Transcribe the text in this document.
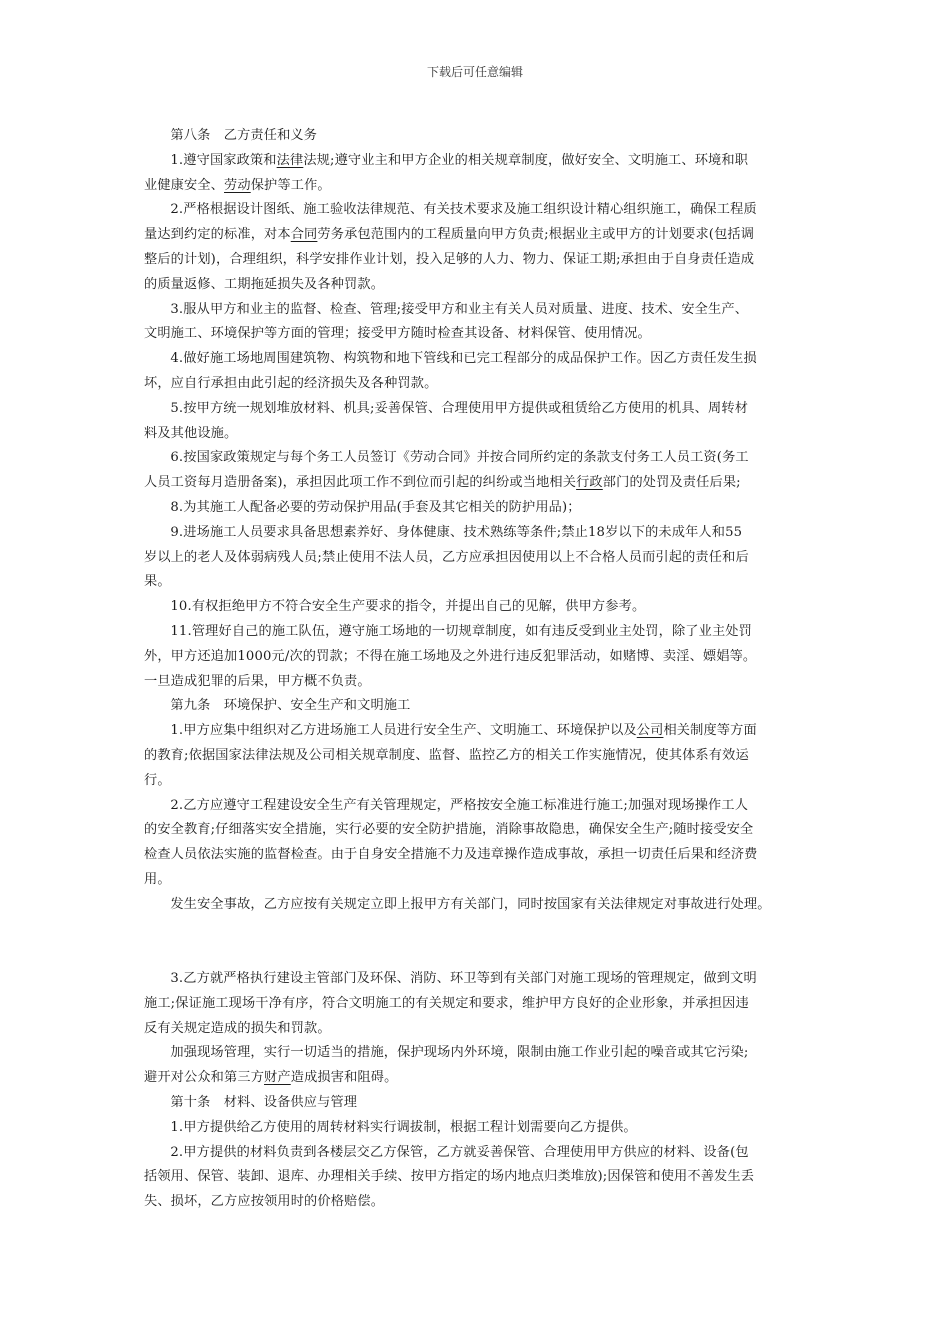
下载后可任意编辑

第八条　乙方责任和义务

1.遵守国家政策和法律法规;遵守业主和甲方企业的相关规章制度，做好安全、文明施工、环境和职

业健康安全、劳动保护等工作。

2.严格根据设计图纸、施工验收法律规范、有关技术要求及施工组织设计精心组织施工，确保工程质

量达到约定的标准，对本合同劳务承包范围内的工程质量向甲方负责;根据业主或甲方的计划要求(包括调

整后的计划)，合理组织，科学安排作业计划，投入足够的人力、物力、保证工期;承担由于自身责任造成

的质量返修、工期拖延损失及各种罚款。

3.服从甲方和业主的监督、检查、管理;接受甲方和业主有关人员对质量、进度、技术、安全生产、

文明施工、环境保护等方面的管理；接受甲方随时检查其设备、材料保管、使用情况。

4.做好施工场地周围建筑物、构筑物和地下管线和已完工程部分的成品保护工作。因乙方责任发生损

坏，应自行承担由此引起的经济损失及各种罚款。

5.按甲方统一规划堆放材料、机具;妥善保管、合理使用甲方提供或租赁给乙方使用的机具、周转材

料及其他设施。

6.按国家政策规定与每个务工人员签订《劳动合同》并按合同所约定的条款支付务工人员工资(务工

人员工资每月造册备案)，承担因此项工作不到位而引起的纠纷或当地相关行政部门的处罚及责任后果;

8.为其施工人配备必要的劳动保护用品(手套及其它相关的防护用品)；

9.进场施工人员要求具备思想素养好、身体健康、技术熟练等条件;禁止18岁以下的未成年人和55

岁以上的老人及体弱病残人员;禁止使用不法人员，乙方应承担因使用以上不合格人员而引起的责任和后

果。

10.有权拒绝甲方不符合安全生产要求的指令，并提出自己的见解，供甲方参考。

11.管理好自己的施工队伍，遵守施工场地的一切规章制度，如有违反受到业主处罚，除了业主处罚

外，甲方还追加1000元/次的罚款；不得在施工场地及之外进行违反犯罪活动，如赌博、卖淫、嫖娼等。

一旦造成犯罪的后果，甲方概不负责。

第九条　环境保护、安全生产和文明施工

1.甲方应集中组织对乙方进场施工人员进行安全生产、文明施工、环境保护以及公司相关制度等方面

的教育;依据国家法律法规及公司相关规章制度、监督、监控乙方的相关工作实施情况，使其体系有效运

行。

2.乙方应遵守工程建设安全生产有关管理规定，严格按安全施工标准进行施工;加强对现场操作工人

的安全教育;仔细落实安全措施，实行必要的安全防护措施，消除事故隐患，确保安全生产;随时接受安全

检查人员依法实施的监督检查。由于自身安全措施不力及违章操作造成事故，承担一切责任后果和经济费

用。

发生安全事故，乙方应按有关规定立即上报甲方有关部门，同时按国家有关法律规定对事故进行处理。

3.乙方就严格执行建设主管部门及环保、消防、环卫等到有关部门对施工现场的管理规定，做到文明

施工;保证施工现场干净有序，符合文明施工的有关规定和要求，维护甲方良好的企业形象，并承担因违

反有关规定造成的损失和罚款。

加强现场管理，实行一切适当的措施，保护现场内外环境，限制由施工作业引起的噪音或其它污染;

避开对公众和第三方财产造成损害和阻碍。

第十条　材料、设备供应与管理

1.甲方提供给乙方使用的周转材料实行调拔制，根据工程计划需要向乙方提供。

2.甲方提供的材料负责到各楼层交乙方保管，乙方就妥善保管、合理使用甲方供应的材料、设备(包

括领用、保管、装卸、退库、办理相关手续、按甲方指定的场内地点归类堆放);因保管和使用不善发生丢

失、损坏，乙方应按领用时的价格赔偿。
